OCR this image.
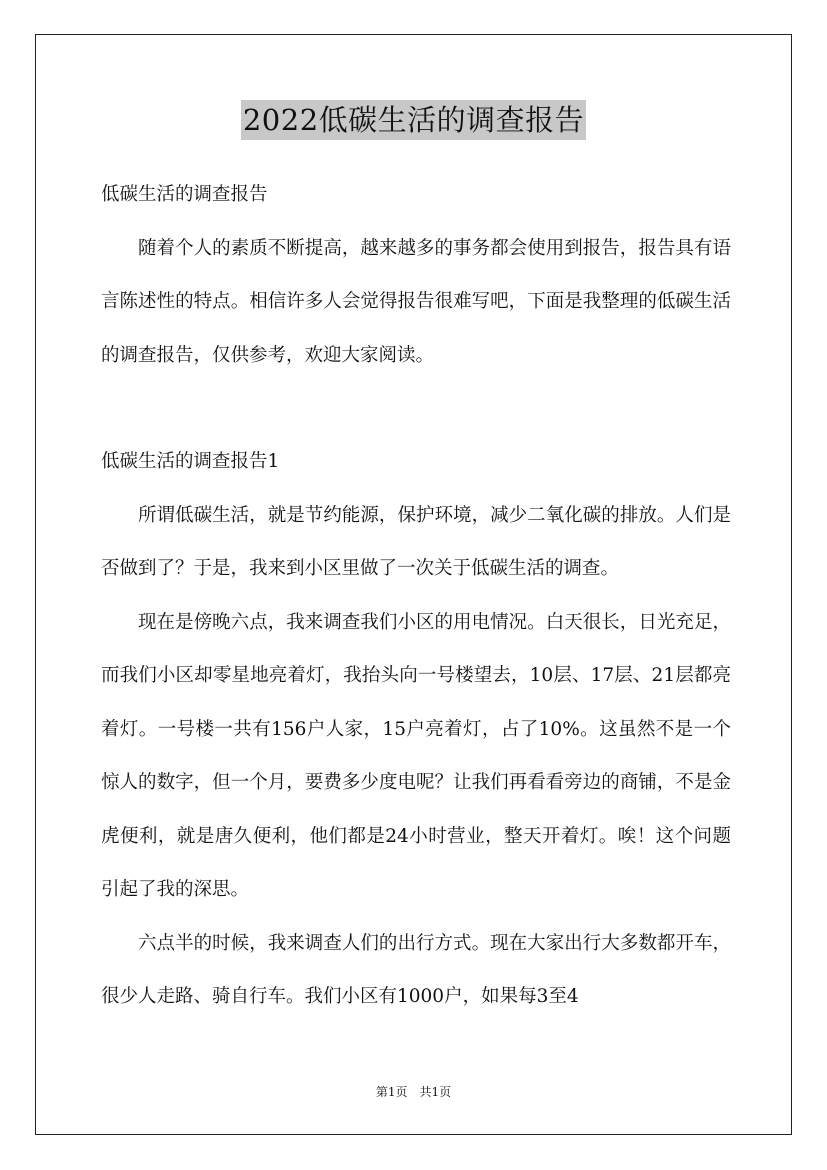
2022低碳生活的调查报告

低碳生活的调查报告

随着个人的素质不断提高，越来越多的事务都会使用到报告，报告具有语言陈述性的特点。相信许多人会觉得报告很难写吧，下面是我整理的低碳生活的调查报告，仅供参考，欢迎大家阅读。

低碳生活的调查报告1

所谓低碳生活，就是节约能源，保护环境，减少二氧化碳的排放。人们是否做到了？于是，我来到小区里做了一次关于低碳生活的调查。

现在是傍晚六点，我来调查我们小区的用电情况。白天很长，日光充足，而我们小区却零星地亮着灯，我抬头向一号楼望去，10层、17层、21层都亮着灯。一号楼一共有156户人家，15户亮着灯，占了10%。这虽然不是一个惊人的数字，但一个月，要费多少度电呢？让我们再看看旁边的商铺，不是金虎便利，就是唐久便利，他们都是24小时营业，整天开着灯。唉！这个问题引起了我的深思。

六点半的时候，我来调查人们的出行方式。现在大家出行大多数都开车，很少人走路、骑自行车。我们小区有1000户，如果每3至4

第1页　共1页
